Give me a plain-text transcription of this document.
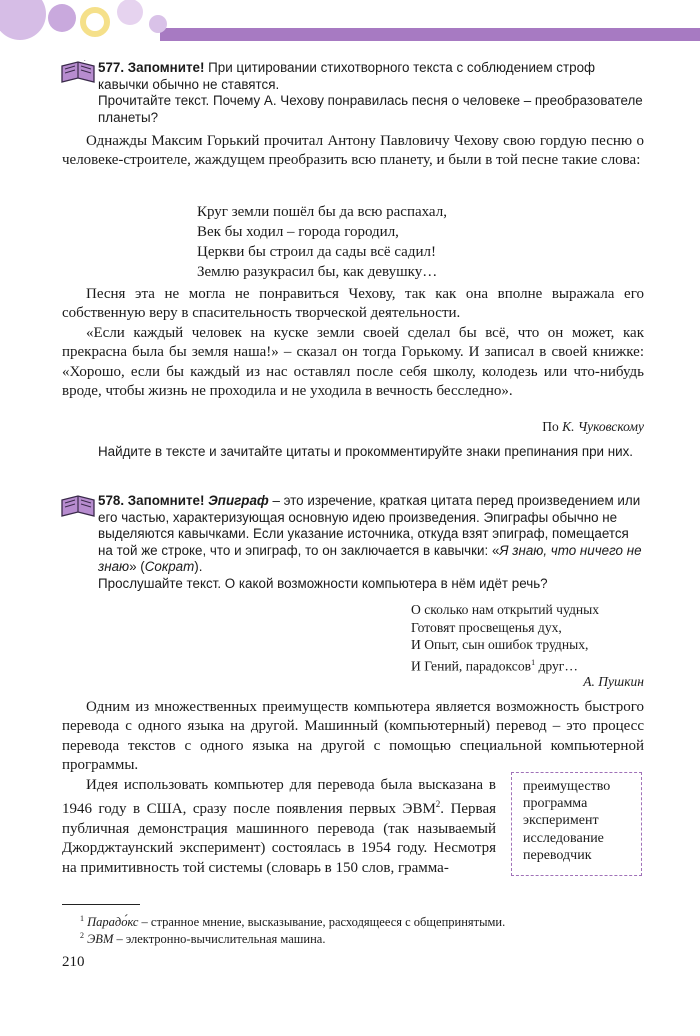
577. Запомните! При цитировании стихотворного текста с соблюдением строф кавычки обычно не ставятся.

Прочитайте текст. Почему А. Чехову понравилась песня о человеке – преобразователе планеты?

Однажды Максим Горький прочитал Антону Павловичу Чехову свою гордую песню о человеке-строителе, жаждущем преобразить всю планету, и были в той песне такие слова:

Круг земли пошёл бы да всю распахал,
Век бы ходил – города городил,
Церкви бы строил да сады всё садил!
Землю разукрасил бы, как девушку…

Песня эта не могла не понравиться Чехову, так как она вполне выражала его собственную веру в спасительность творческой деятельности.

«Если каждый человек на куске земли своей сделал бы всё, что он может, как прекрасна была бы земля наша!» – сказал он тогда Горькому. И записал в своей книжке: «Хорошо, если бы каждый из нас оставлял после себя школу, колодезь или что-нибудь вроде, чтобы жизнь не проходила и не уходила в вечность бесследно».

По К. Чуковскому

Найдите в тексте и зачитайте цитаты и прокомментируйте знаки препинания при них.

578. Запомните! Эпиграф – это изречение, краткая цитата перед произведением или его частью, характеризующая основную идею произведения. Эпиграфы обычно не выделяются кавычками. Если указание источника, откуда взят эпиграф, помещается на той же строке, что и эпиграф, то он заключается в кавычки: «Я знаю, что ничего не знаю» (Сократ).

Прослушайте текст. О какой возможности компьютера в нём идёт речь?

О сколько нам открытий чудных
Готовят просвещенья дух,
И Опыт, сын ошибок трудных,
И Гений, парадоксов$^1$ друг…
А. Пушкин

Одним из множественных преимуществ компьютера является возможность быстрого перевода с одного языка на другой. Машинный (компьютерный) перевод – это процесс перевода текстов с одного языка на другой с помощью специальной компьютерной программы.

Идея использовать компьютер для перевода была высказана в 1946 году в США, сразу после появления первых ЭВМ$^2$. Первая публичная демонстрация машинного перевода (так называемый Джорджтаунский эксперимент) состоялась в 1954 году. Несмотря на примитивность той системы (словарь в 150 слов, грамма-

преимущество
программа
эксперимент
исследование
переводчик
$^1$ Парадо́кс – странное мнение, высказывание, расходящееся с общепринятыми.
$^2$ ЭВМ – электронно-вычислительная машина.
210
